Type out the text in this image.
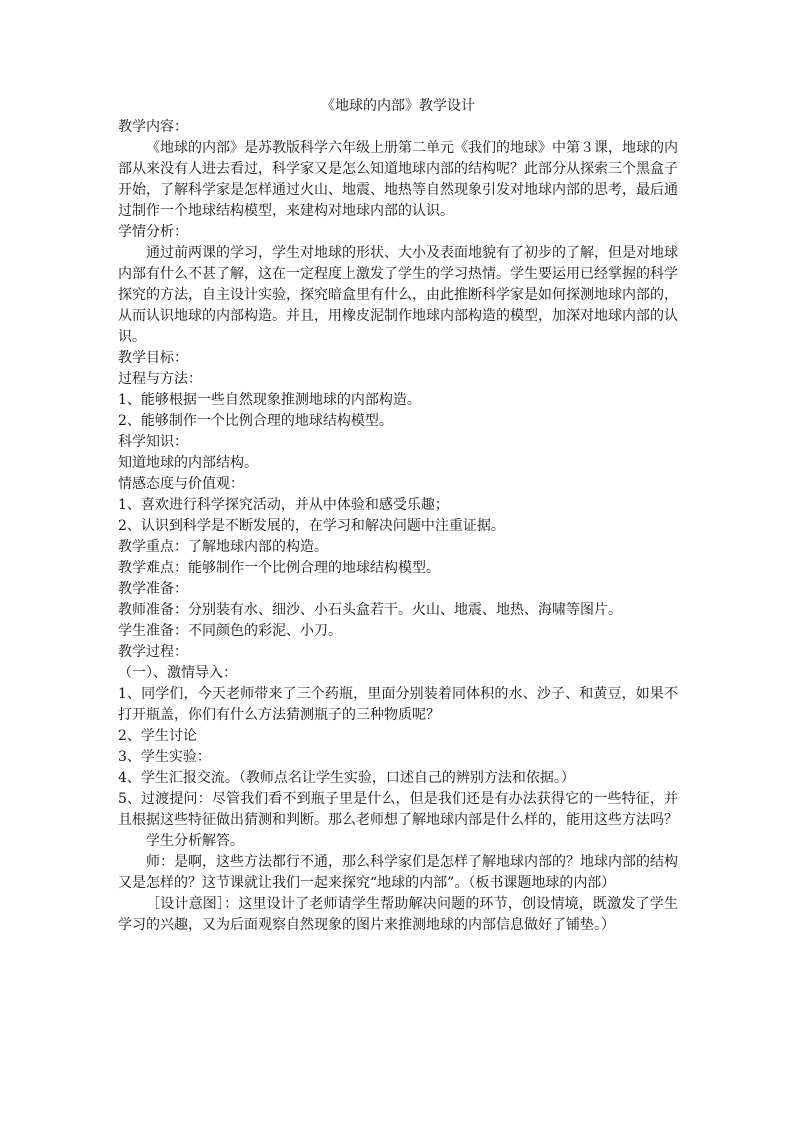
《地球的内部》教学设计

教学内容：

《地球的内部》是苏教版科学六年级上册第二单元《我们的地球》中第３课，地球的内部从来没有人进去看过，科学家又是怎么知道地球内部的结构呢？此部分从探索三个黑盒子开始，了解科学家是怎样通过火山、地震、地热等自然现象引发对地球内部的思考，最后通过制作一个地球结构模型，来建构对地球内部的认识。

学情分析：

通过前两课的学习，学生对地球的形状、大小及表面地貌有了初步的了解，但是对地球内部有什么不甚了解，这在一定程度上激发了学生的学习热情。学生要运用已经掌握的科学探究的方法，自主设计实验，探究暗盒里有什么，由此推断科学家是如何探测地球内部的，从而认识地球的内部构造。并且，用橡皮泥制作地球内部构造的模型，加深对地球内部的认识。

教学目标：

过程与方法：

1、能够根据一些自然现象推测地球的内部构造。

2、能够制作一个比例合理的地球结构模型。

科学知识：

知道地球的内部结构。

情感态度与价值观：

1、喜欢进行科学探究活动，并从中体验和感受乐趣；

2、认识到科学是不断发展的，在学习和解决问题中注重证据。

教学重点：了解地球内部的构造。

教学难点：能够制作一个比例合理的地球结构模型。

教学准备：

教师准备：分别装有水、细沙、小石头盒若干。火山、地震、地热、海啸等图片。

学生准备：不同颜色的彩泥、小刀。

教学过程：

（一）、激情导入：

1、同学们，今天老师带来了三个药瓶，里面分别装着同体积的水、沙子、和黄豆，如果不打开瓶盖，你们有什么方法猜测瓶子的三种物质呢？

2、学生讨论

3、学生实验：

4、学生汇报交流。（教师点名让学生实验，口述自己的辨别方法和依据。）

5、过渡提问：尽管我们看不到瓶子里是什么，但是我们还是有办法获得它的一些特征，并且根据这些特征做出猜测和判断。那么老师想了解地球内部是什么样的，能用这些方法吗？

学生分析解答。

师：是啊，这些方法都行不通，那么科学家们是怎样了解地球内部的？地球内部的结构又是怎样的？这节课就让我们一起来探究“地球的内部”。（板书课题地球的内部）

［设计意图］：这里设计了老师请学生帮助解决问题的环节，创设情境，既激发了学生学习的兴趣，又为后面观察自然现象的图片来推测地球的内部信息做好了铺垫。）
